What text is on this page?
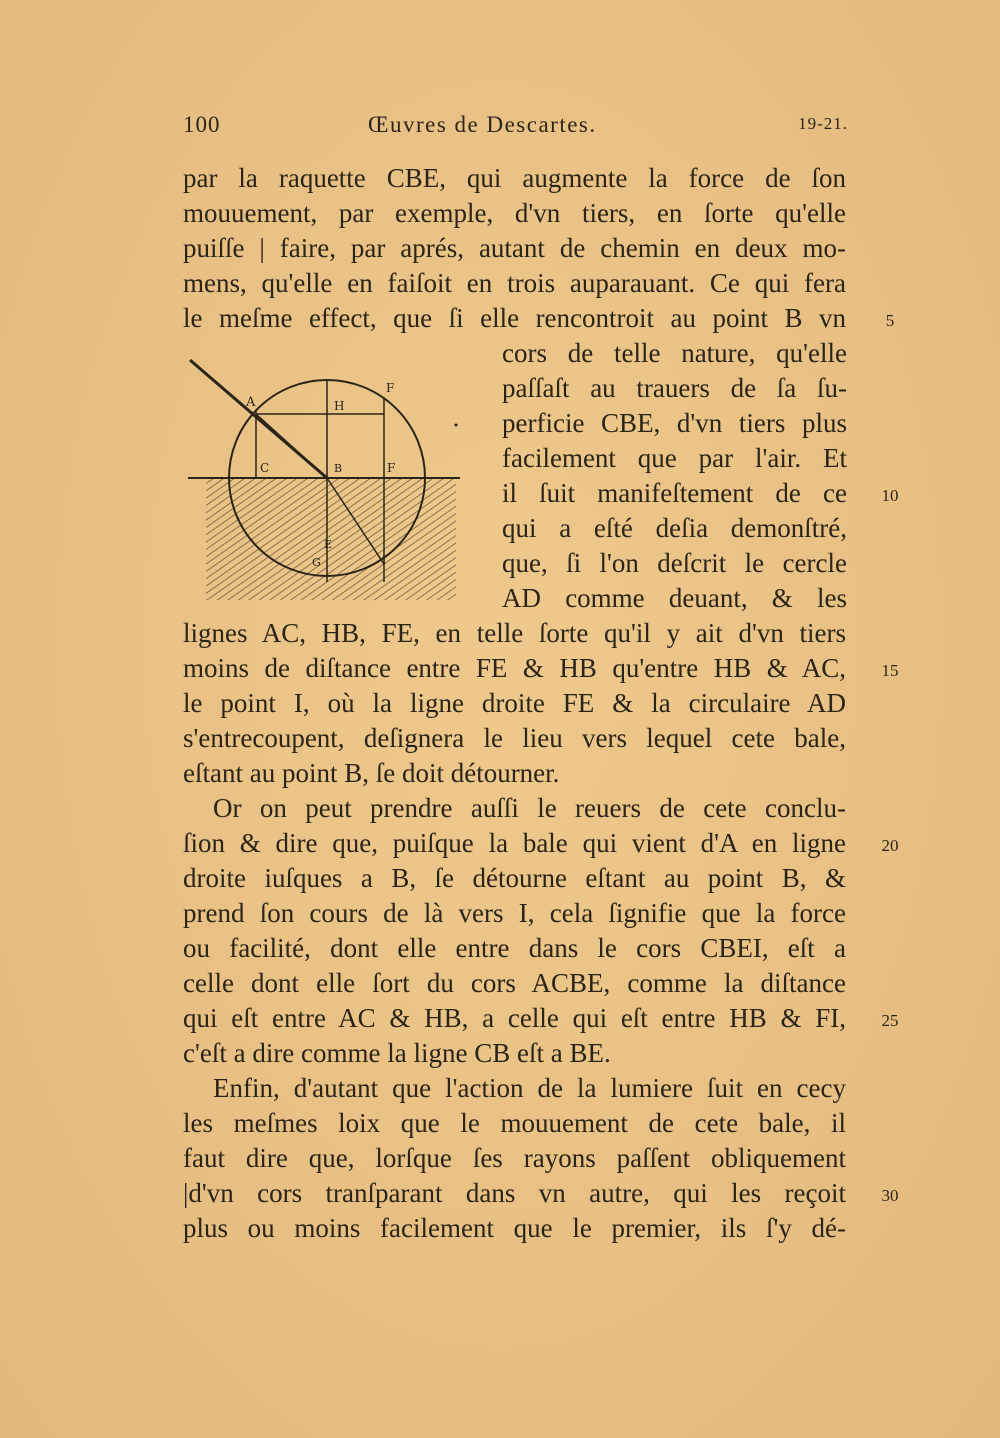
100	Œuvres de Descartes.	19-21.
A	H
F
C	B	F
E
G	I
par la raquette CBE, qui augmente la force de ſon
mouuement, par exemple, d'vn tiers, en ſorte qu'elle
puiſſe | faire, par aprés, autant de chemin en deux mo-
mens, qu'elle en faiſoit en trois auparauant. Ce qui fera
le meſme effect, que ſi elle rencontroit au point B vn
cors de telle nature, qu'elle
paſſaſt au trauers de ſa ſu-
perficie CBE, d'vn tiers plus
facilement que par l'air. Et
il ſuit manifeſtement de ce
qui a eſté deſia demonſtré,
que, ſi l'on deſcrit le cercle
AD comme deuant, & les
lignes AC, HB, FE, en telle ſorte qu'il y ait d'vn tiers
moins de diſtance entre FE & HB qu'entre HB & AC,
le point I, où la ligne droite FE & la circulaire AD
s'entrecoupent, deſignera le lieu vers lequel cete bale,
eſtant au point B, ſe doit détourner.
Or on peut prendre auſſi le reuers de cete conclu-
ſion & dire que, puiſque la bale qui vient d'A en ligne
droite iuſques a B, ſe détourne eſtant au point B, &
prend ſon cours de là vers I, cela ſignifie que la force
ou facilité, dont elle entre dans le cors CBEI, eſt a
celle dont elle ſort du cors ACBE, comme la diſtance
qui eſt entre AC & HB, a celle qui eſt entre HB & FI,
c'eſt a dire comme la ligne CB eſt a BE.
Enfin, d'autant que l'action de la lumiere ſuit en cecy
les meſmes loix que le mouuement de cete bale, il
faut dire que, lorſque ſes rayons paſſent obliquement
|d'vn cors tranſparant dans vn autre, qui les reçoit
plus ou moins facilement que le premier, ils ſ'y dé-
5
10
15
20
25
30
